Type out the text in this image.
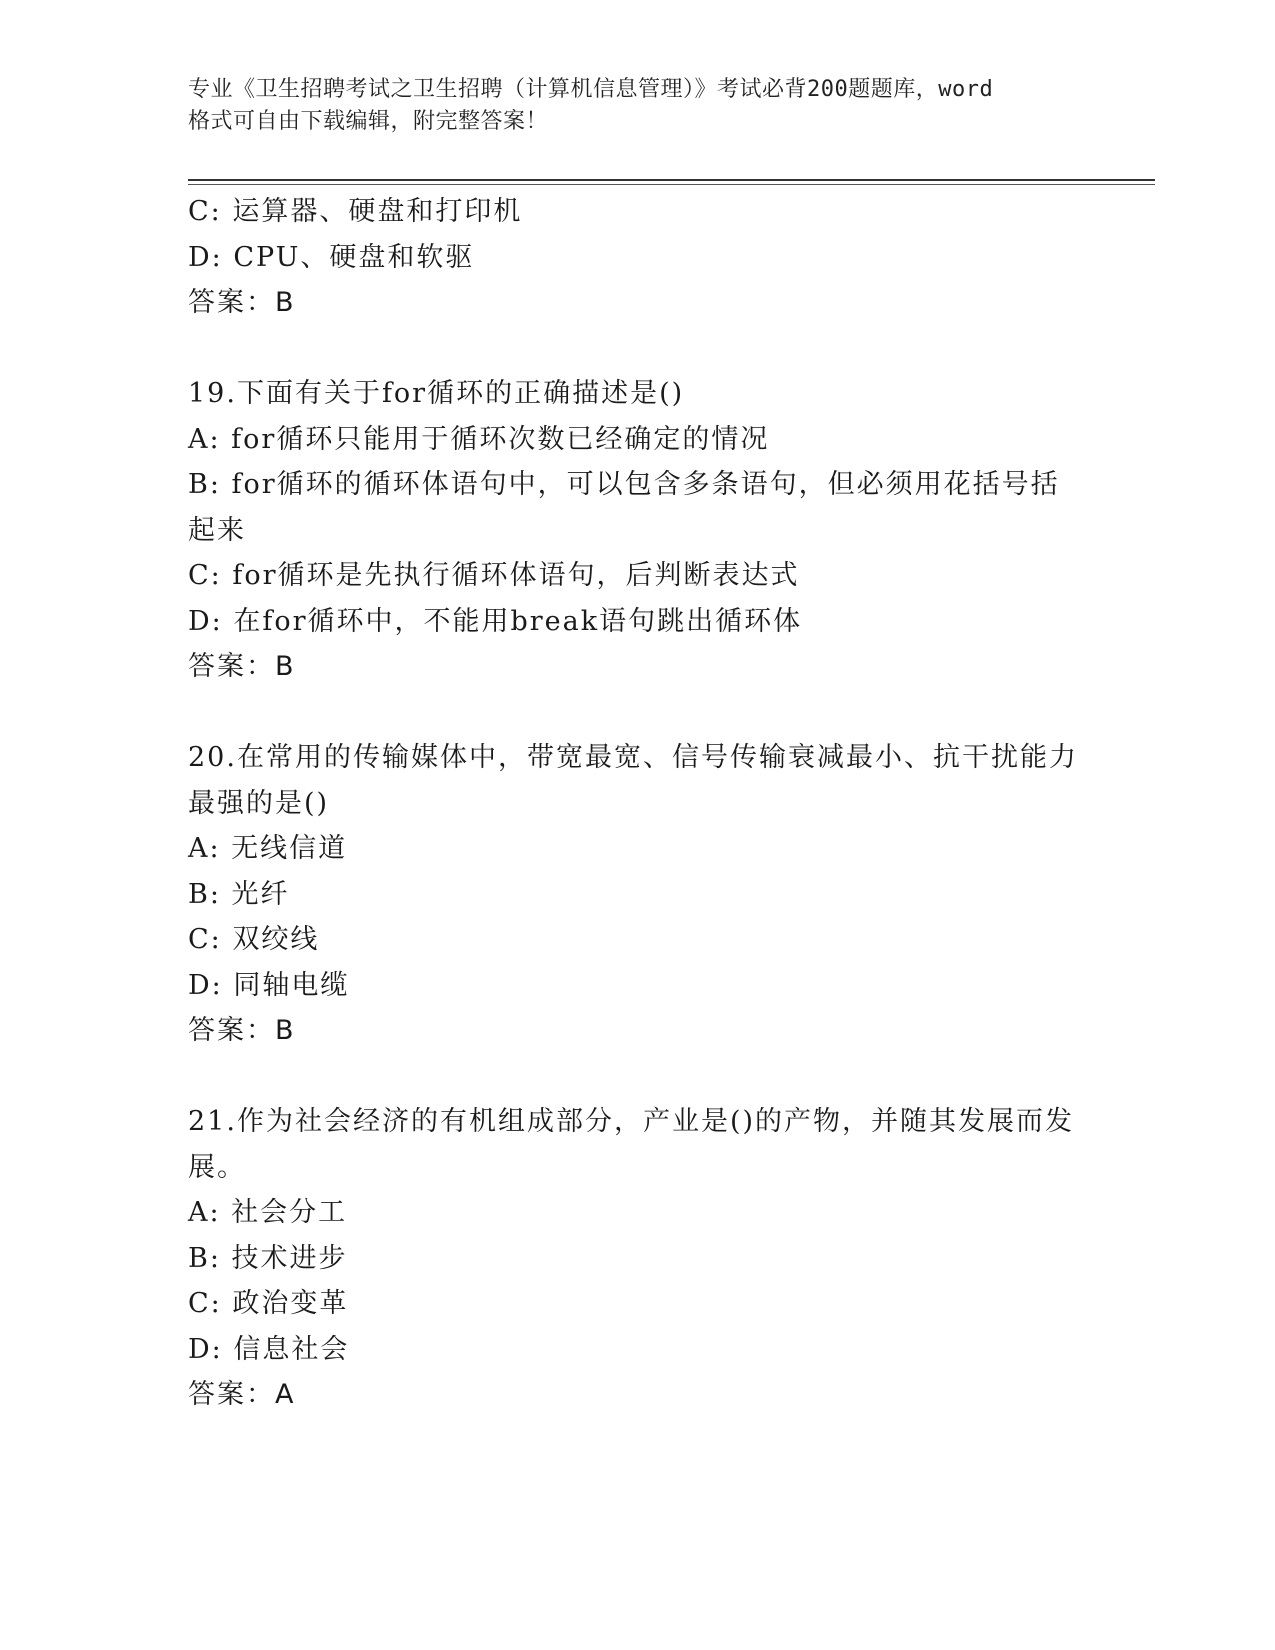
专业《卫生招聘考试之卫生招聘（计算机信息管理）》考试必背200题题库，word
格式可自由下载编辑，附完整答案！
C: 运算器、硬盘和打印机
D: CPU、硬盘和软驱
答案：B
19.下面有关于for循环的正确描述是()
A: for循环只能用于循环次数已经确定的情况
B: for循环的循环体语句中，可以包含多条语句，但必须用花括号括
起来
C: for循环是先执行循环体语句，后判断表达式
D: 在for循环中，不能用break语句跳出循环体
答案：B
20.在常用的传输媒体中，带宽最宽、信号传输衰减最小、抗干扰能力
最强的是()
A: 无线信道
B: 光纤
C: 双绞线
D: 同轴电缆
答案：B
21.作为社会经济的有机组成部分，产业是()的产物，并随其发展而发
展。
A: 社会分工
B: 技术进步
C: 政治变革
D: 信息社会
答案：A
